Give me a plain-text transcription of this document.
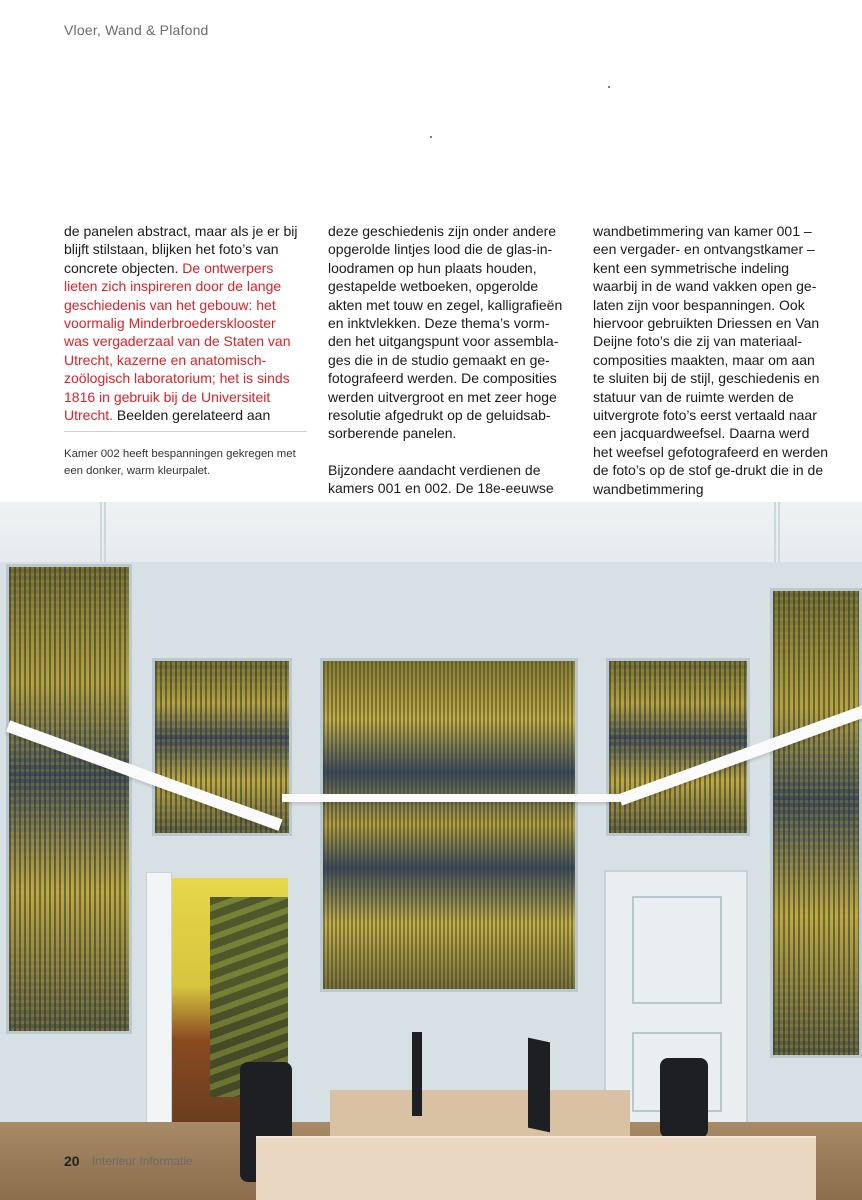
Vloer, Wand & Plafond

de panelen abstract, maar als je er bij blijft stilstaan, blijken het foto’s van concrete objecten. De ontwerpers lieten zich inspireren door de lange geschiedenis van het gebouw: het voormalig Minderbroedersklooster was vergaderzaal van de Staten van Utrecht, kazerne en anatomisch-zoölogisch laboratorium; het is sinds 1816 in gebruik bij de Universiteit Utrecht. Beelden gerelateerd aan

Kamer 002 heeft bespanningen gekregen met een donker, warm kleurpalet.

deze geschiedenis zijn onder andere opgerolde lintjes lood die de glas-in-loodramen op hun plaats houden, gestapelde wetboeken, opgerolde akten met touw en zegel, kalligrafieën en inktvlekken. Deze thema’s vorm-den het uitgangspunt voor assembla-ges die in de studio gemaakt en ge-fotografeerd werden. De composities werden uitvergroot en met zeer hoge resolutie afgedrukt op de geluidsab-sorberende panelen.

Bijzondere aandacht verdienen de kamers 001 en 002. De 18e-eeuwse

wandbetimmering van kamer 001 – een vergader- en ontvangstkamer – kent een symmetrische indeling waarbij in de wand vakken open ge-laten zijn voor bespanningen. Ook hiervoor gebruikten Driessen en Van Deijne foto’s die zij van materiaal-composities maakten, maar om aan te sluiten bij de stijl, geschiedenis en statuur van de ruimte werden de uitvergrote foto’s eerst vertaald naar een jacquardweefsel. Daarna werd het weefsel gefotografeerd en werden de foto’s op de stof ge-drukt die in de wandbetimmering

20 Interieur Informatie
